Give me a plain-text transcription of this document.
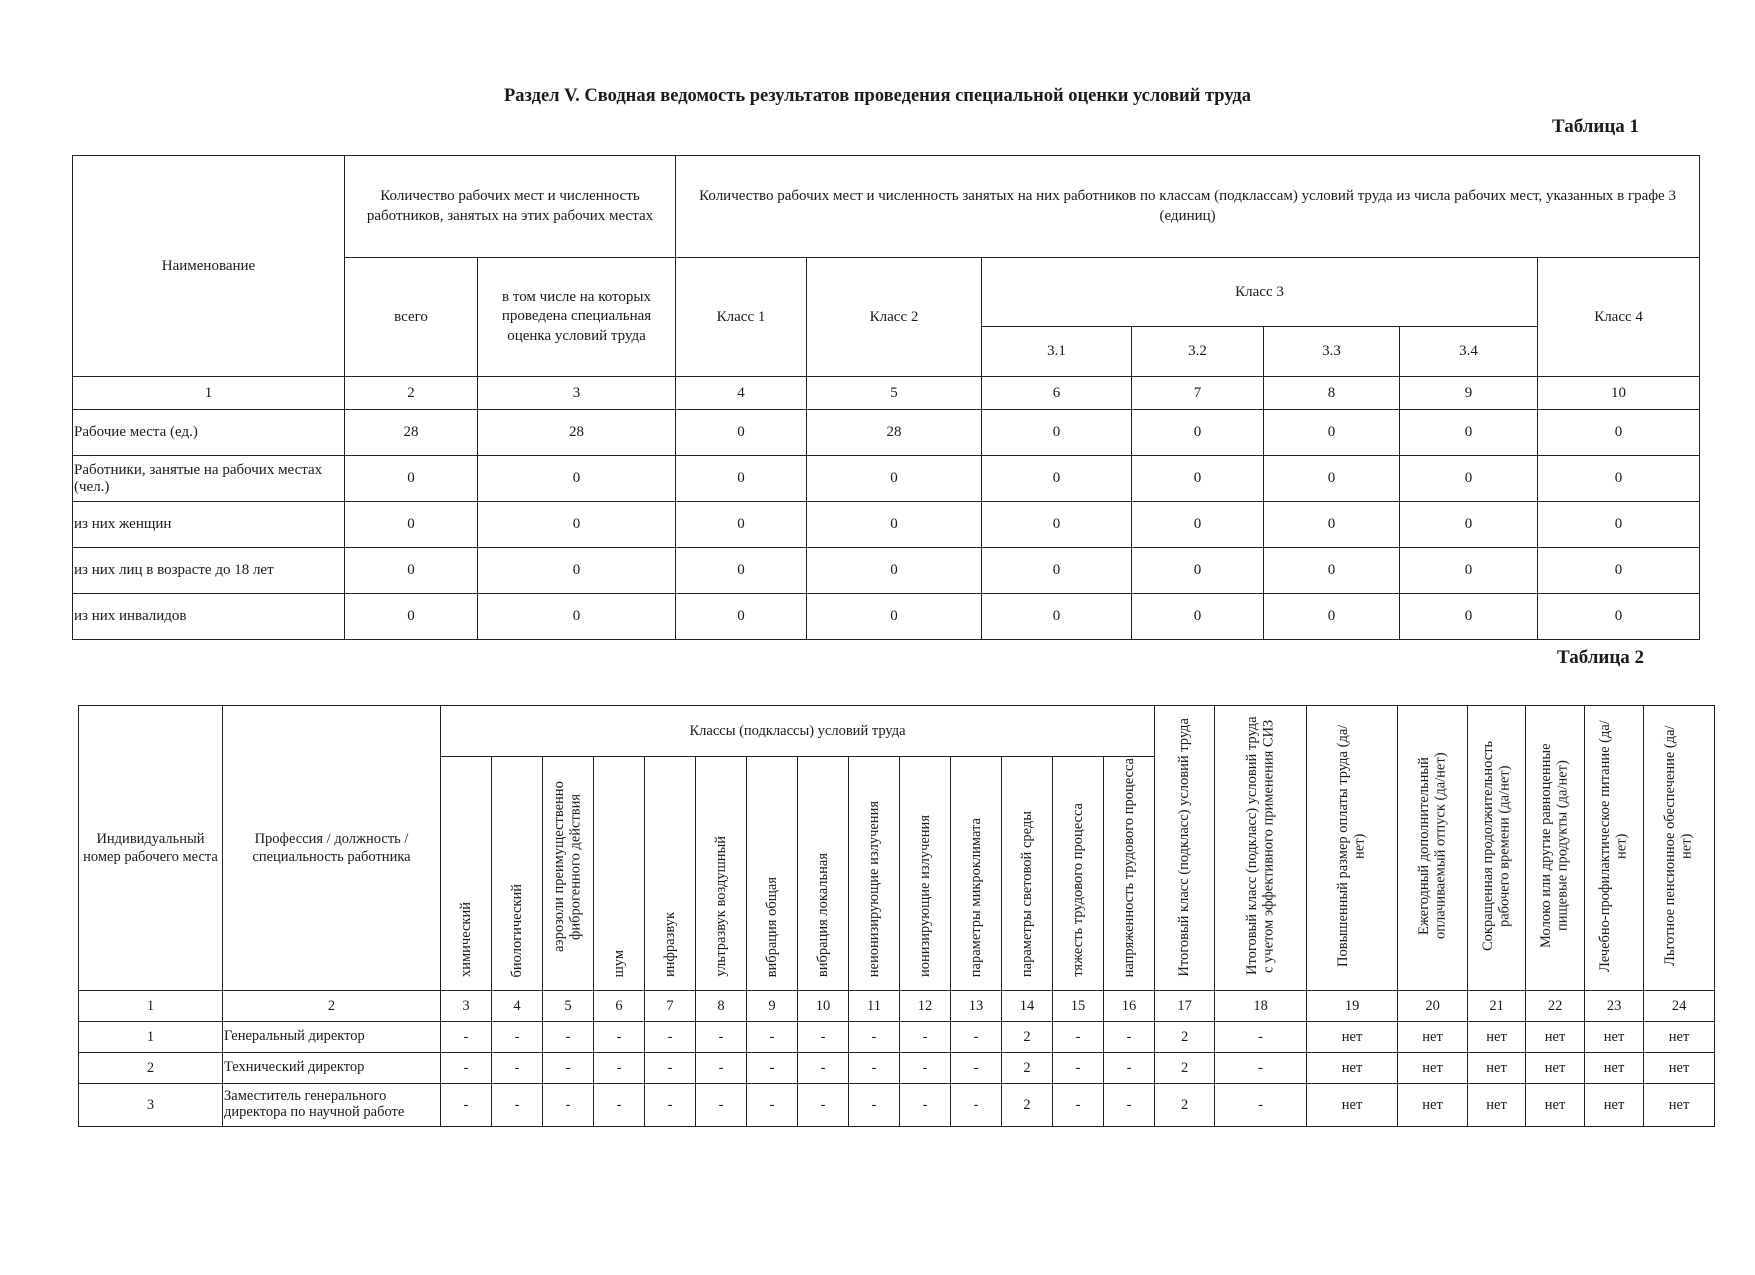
Раздел V. Сводная ведомость результатов проведения специальной оценки условий труда
Таблица 1
Таблица 2
Наименование	Количество рабочих мест и численность работников, занятых на этих рабочих местах		Количество рабочих мест и численность занятых на них работников по классам (подклассам) условий труда из числа рабочих мест, указанных в графе 3 (единиц)						
	всего	в том числе на которых проведена специальная оценка условий труда	Класс 1	Класс 2	Класс 3				Класс 4
					3.1	3.2	3.3	3.4	
1	2	3	4	5	6	7	8	9	10
Рабочие места (ед.)	28	28	0	28	0	0	0	0	0
Работники, занятые на рабочих местах (чел.)	0	0	0	0	0	0	0	0	0
из них женщин	0	0	0	0	0	0	0	0	0
из них лиц в возрасте до 18 лет	0	0	0	0	0	0	0	0	0
из них инвалидов	0	0	0	0	0	0	0	0	0
Индивидуальный номер рабочего места	Профессия / должность / специальность работника	Классы (подклассы) условий труда														Итоговый класс (подкласс) условий труда	Итоговый класс (подкласс) условий труда с учетом эффективного применения СИЗ	Повышенный размер оплаты труда (да/нет)	Ежегодный дополнительный оплачиваемый отпуск (да/нет)	Сокращенная продолжительность рабочего времени (да/нет)	Молоко или другие равноценные пищевые продукты (да/нет)	Лечебно-профилактическое питание (да/нет)	Льготное пенсионное обеспечение (да/нет)
		химический	биологический	аэрозоли преимущественно фиброгенного действия	шум	инфразвук	ультразвук воздушный	вибрация общая	вибрация локальная	неионизирующие излучения	ионизирующие излучения	параметры микроклимата	параметры световой среды	тяжесть трудового процесса	напряженность трудового процесса								
1	2	3	4	5	6	7	8	9	10	11	12	13	14	15	16	17	18	19	20	21	22	23	24
1	Генеральный директор	-	-	-	-	-	-	-	-	-	-	-	2	-	-	2	-	нет	нет	нет	нет	нет	нет
2	Технический директор	-	-	-	-	-	-	-	-	-	-	-	2	-	-	2	-	нет	нет	нет	нет	нет	нет
3	Заместитель генерального директора по научной работе	-	-	-	-	-	-	-	-	-	-	-	2	-	-	2	-	нет	нет	нет	нет	нет	нет
